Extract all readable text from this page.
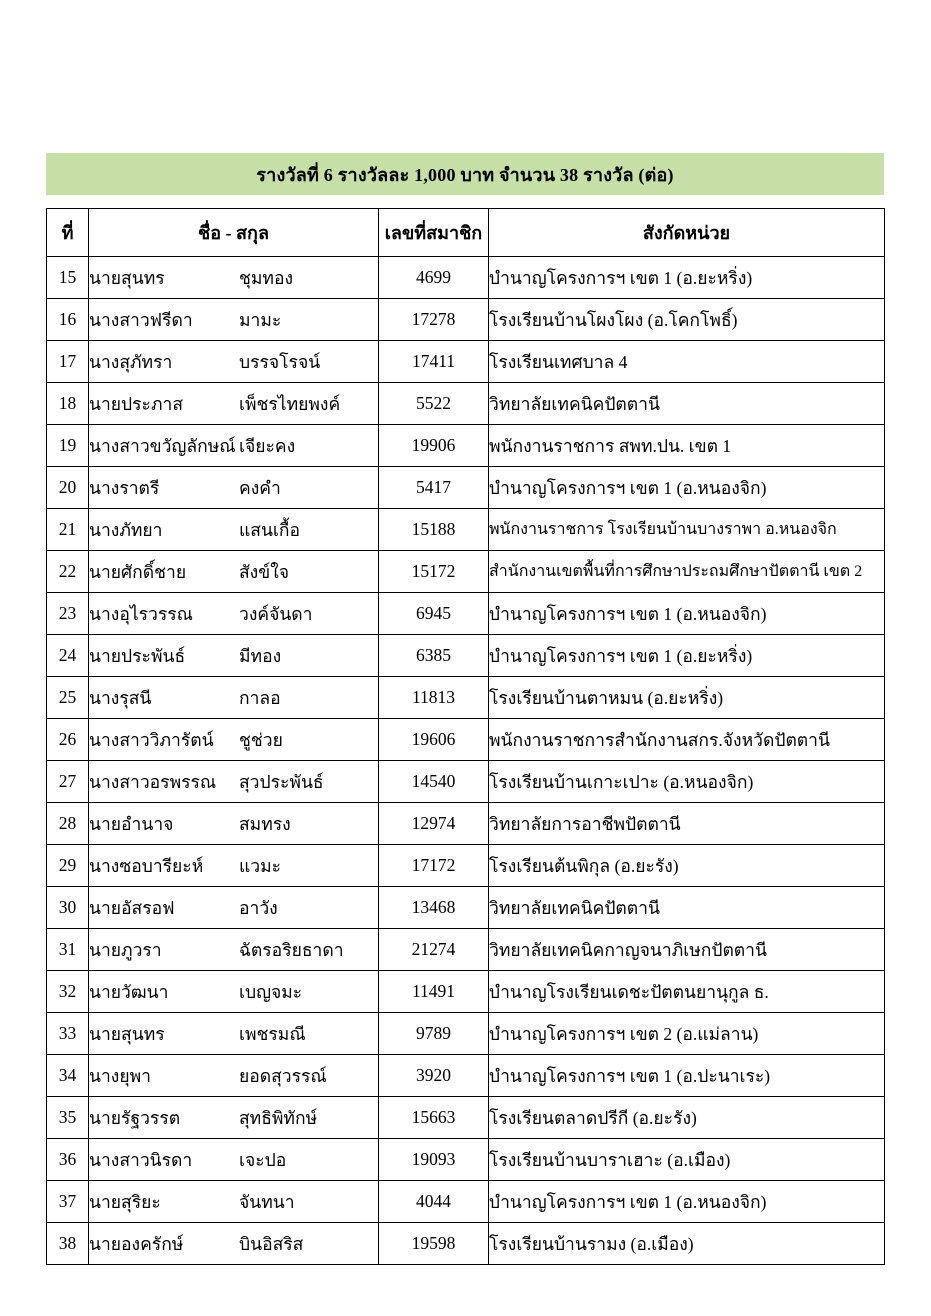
รางวัลที่ 6 รางวัลละ 1,000 บาท จำนวน 38 รางวัล (ต่อ)
ที่	ชื่อ - สกุล	เลขที่สมาชิก	สังกัดหน่วย
15	นายสุนทร ชุมทอง	4699	บำนาญโครงการฯ เขต 1 (อ.ยะหริ่ง)
16	นางสาวฟรีดา มามะ	17278	โรงเรียนบ้านโผงโผง (อ.โคกโพธิ์)
17	นางสุภัทรา บรรจโรจน์	17411	โรงเรียนเทศบาล 4
18	นายประภาส เพ็ชรไทยพงค์	5522	วิทยาลัยเทคนิคปัตตานี
19	นางสาวขวัญลักษณ์ เจียะคง	19906	พนักงานราชการ สพท.ปน. เขต 1
20	นางราตรี คงคำ	5417	บำนาญโครงการฯ เขต 1 (อ.หนองจิก)
21	นางภัทยา แสนเกื้อ	15188	พนักงานราชการ โรงเรียนบ้านบางราพา อ.หนองจิก
22	นายศักดิ์ชาย สังข์ใจ	15172	สำนักงานเขตพื้นที่การศึกษาประถมศึกษาปัตตานี เขต 2
23	นางอุไรวรรณ วงค์จันดา	6945	บำนาญโครงการฯ เขต 1 (อ.หนองจิก)
24	นายประพันธ์ มีทอง	6385	บำนาญโครงการฯ เขต 1 (อ.ยะหริ่ง)
25	นางรุสนี กาลอ	11813	โรงเรียนบ้านตาหมน (อ.ยะหริ่ง)
26	นางสาววิภารัตน์ ชูช่วย	19606	พนักงานราชการสำนักงานสกร.จังหวัดปัตตานี
27	นางสาวอรพรรณ สุวประพันธ์	14540	โรงเรียนบ้านเกาะเปาะ (อ.หนองจิก)
28	นายอำนาจ สมทรง	12974	วิทยาลัยการอาชีพปัตตานี
29	นางซอบารียะห์ แวมะ	17172	โรงเรียนต้นพิกุล (อ.ยะรัง)
30	นายอัสรอฟ อาวัง	13468	วิทยาลัยเทคนิคปัตตานี
31	นายภูวรา ฉัตรอริยธาดา	21274	วิทยาลัยเทคนิคกาญจนาภิเษกปัตตานี
32	นายวัฒนา เบญจมะ	11491	บำนาญโรงเรียนเดชะปัตตนยานุกูล ธ.
33	นายสุนทร เพชรมณี	9789	บำนาญโครงการฯ เขต 2 (อ.แม่ลาน)
34	นางยุพา ยอดสุวรรณ์	3920	บำนาญโครงการฯ เขต 1 (อ.ปะนาเระ)
35	นายรัฐวรรต สุทธิพิทักษ์	15663	โรงเรียนตลาดปรีกี (อ.ยะรัง)
36	นางสาวนิรดา เจะปอ	19093	โรงเรียนบ้านบาราเฮาะ (อ.เมือง)
37	นายสุริยะ จันทนา	4044	บำนาญโครงการฯ เขต 1 (อ.หนองจิก)
38	นายองครักษ์ บินอิสริส	19598	โรงเรียนบ้านรามง (อ.เมือง)
